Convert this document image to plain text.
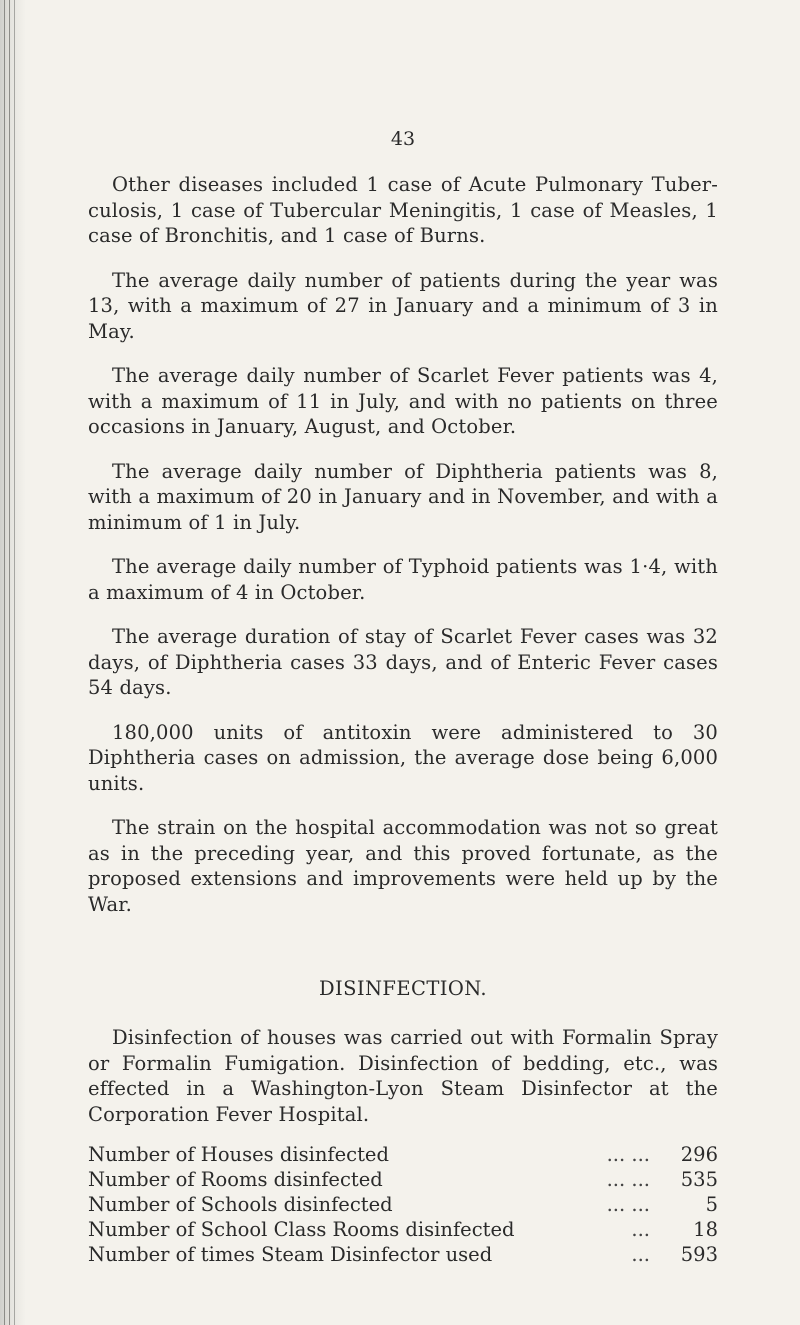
43

Other diseases included 1 case of Acute Pulmonary Tuber-culosis, 1 case of Tubercular Meningitis, 1 case of Measles, 1 case of Bronchitis, and 1 case of Burns.

The average daily number of patients during the year was 13, with a maximum of 27 in January and a minimum of 3 in May.

The average daily number of Scarlet Fever patients was 4, with a maximum of 11 in July, and with no patients on three occasions in January, August, and October.

The average daily number of Diphtheria patients was 8, with a maximum of 20 in January and in November, and with a minimum of 1 in July.

The average daily number of Typhoid patients was 1·4, with a maximum of 4 in October.

The average duration of stay of Scarlet Fever cases was 32 days, of Diphtheria cases 33 days, and of Enteric Fever cases 54 days.

180,000 units of antitoxin were administered to 30 Diphtheria cases on admission, the average dose being 6,000 units.

The strain on the hospital accommodation was not so great as in the preceding year, and this proved fortunate, as the proposed extensions and improvements were held up by the War.

DISINFECTION.

Disinfection of houses was carried out with Formalin Spray or Formalin Fumigation. Disinfection of bedding, etc., was effected in a Washington-Lyon Steam Disinfector at the Corporation Fever Hospital.

Number of Houses disinfected	... ...	296
Number of Rooms disinfected	... ...	535
Number of Schools disinfected	... ...	5
Number of School Class Rooms disinfected	...	18
Number of times Steam Disinfector used	...	593
